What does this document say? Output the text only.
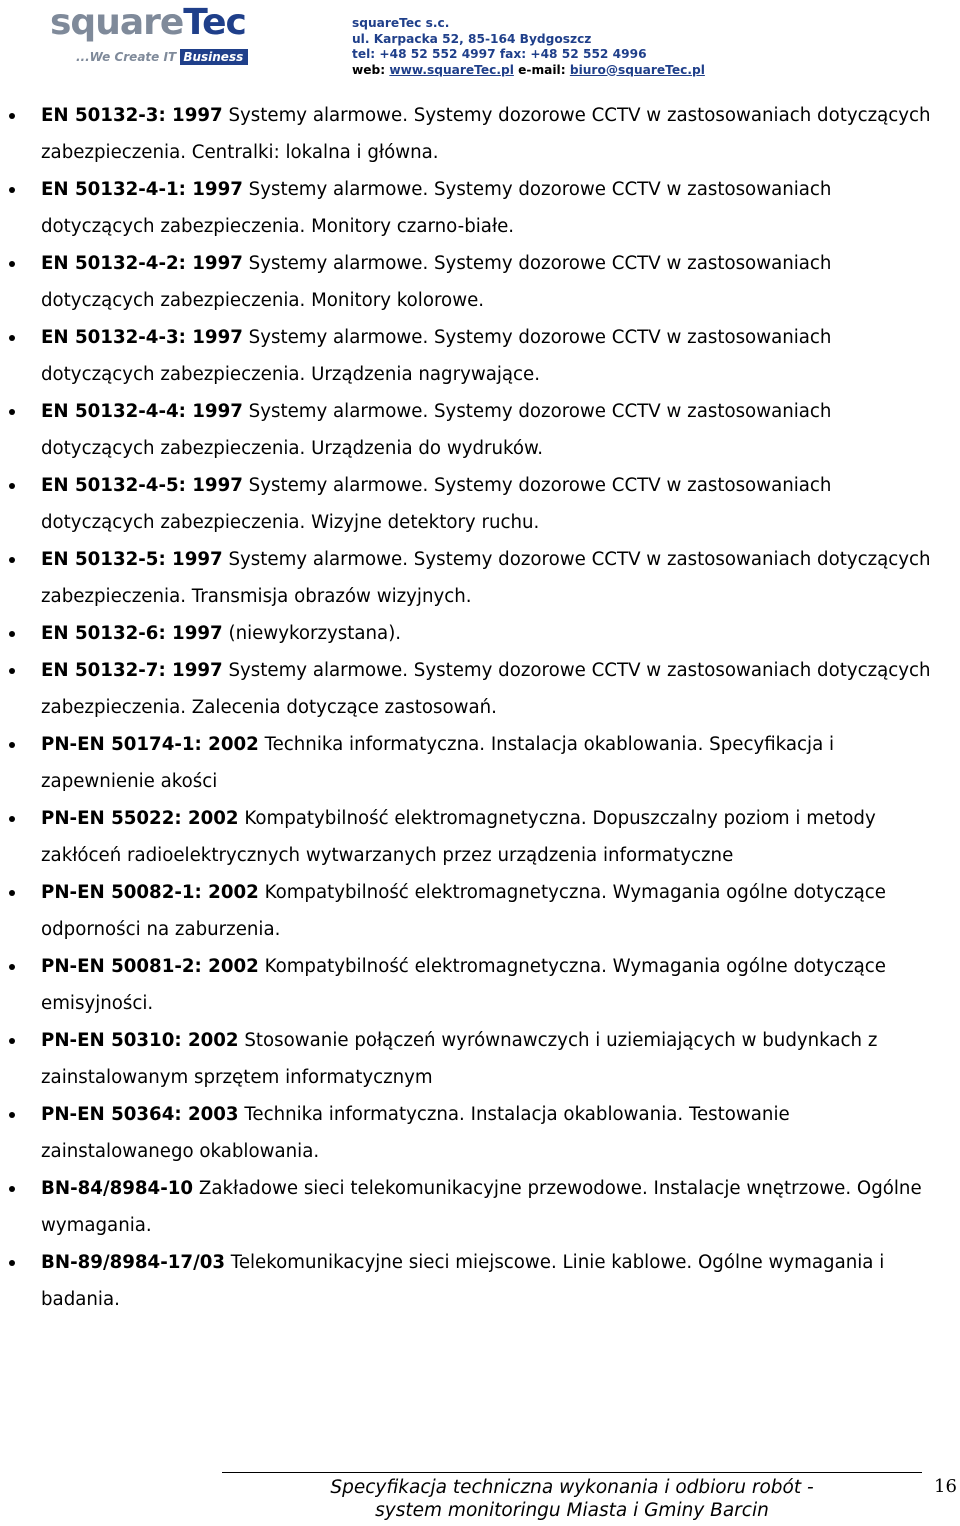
squareTec
...We Create IT Business
squareTec s.c.
ul. Karpacka 52, 85-164 Bydgoszcz
tel: +48 52 552 4997 fax: +48 52 552 4996
web: www.squareTec.pl e-mail: biuro@squareTec.pl
EN 50132-3: 1997 Systemy alarmowe. Systemy dozorowe CCTV w zastosowaniach dotyczących zabezpieczenia. Centralki: lokalna i główna.
EN 50132-4-1: 1997 Systemy alarmowe. Systemy dozorowe CCTV w zastosowaniach dotyczących zabezpieczenia. Monitory czarno-białe.
EN 50132-4-2: 1997 Systemy alarmowe. Systemy dozorowe CCTV w zastosowaniach dotyczących zabezpieczenia. Monitory kolorowe.
EN 50132-4-3: 1997 Systemy alarmowe. Systemy dozorowe CCTV w zastosowaniach dotyczących zabezpieczenia. Urządzenia nagrywające.
EN 50132-4-4: 1997 Systemy alarmowe. Systemy dozorowe CCTV w zastosowaniach dotyczących zabezpieczenia. Urządzenia do wydruków.
EN 50132-4-5: 1997 Systemy alarmowe. Systemy dozorowe CCTV w zastosowaniach dotyczących zabezpieczenia. Wizyjne detektory ruchu.
EN 50132-5: 1997 Systemy alarmowe. Systemy dozorowe CCTV w zastosowaniach dotyczących zabezpieczenia. Transmisja obrazów wizyjnych.
EN 50132-6: 1997 (niewykorzystana).
EN 50132-7: 1997 Systemy alarmowe. Systemy dozorowe CCTV w zastosowaniach dotyczących zabezpieczenia. Zalecenia dotyczące zastosowań.
PN-EN 50174-1: 2002 Technika informatyczna. Instalacja okablowania. Specyfikacja i zapewnienie akości
PN-EN 55022: 2002 Kompatybilność elektromagnetyczna. Dopuszczalny poziom i metody zakłóceń radioelektrycznych wytwarzanych przez urządzenia informatyczne
PN-EN 50082-1: 2002 Kompatybilność elektromagnetyczna. Wymagania ogólne dotyczące odporności na zaburzenia.
PN-EN 50081-2: 2002 Kompatybilność elektromagnetyczna. Wymagania ogólne dotyczące emisyjności.
PN-EN 50310: 2002 Stosowanie połączeń wyrównawczych i uziemiających w budynkach z zainstalowanym sprzętem informatycznym
PN-EN 50364: 2003 Technika informatyczna. Instalacja okablowania. Testowanie zainstalowanego okablowania.
BN-84/8984-10 Zakładowe sieci telekomunikacyjne przewodowe. Instalacje wnętrzowe. Ogólne wymagania.
BN-89/8984-17/03 Telekomunikacyjne sieci miejscowe. Linie kablowe. Ogólne wymagania i badania.
Specyfikacja techniczna wykonania i odbioru robót -
system monitoringu Miasta i Gminy Barcin
16
